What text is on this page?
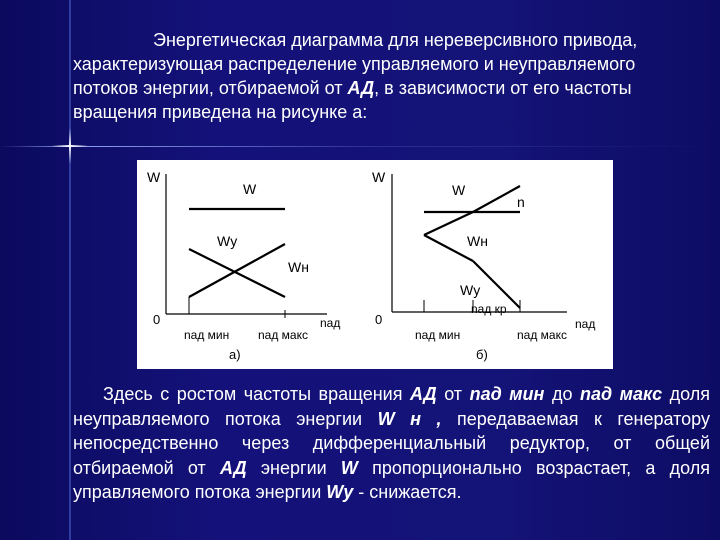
Энергетическая диаграмма для нереверсивного привода,
характеризующая распределение управляемого и неуправляемого
потоков энергии, отбираемой от АД, в зависимости от его частоты
вращения приведена на рисунке а:
W
W
Wу
Wн
0
nад мин nад макс
nад
а)
W
W
n
Wн
Wу
nад кр
0
nад мин	nад макс
nад
б)
Здесь с ростом частоты вращения АД от nад мин до nад макс доля
неуправляемого потока энергии W н , передаваемая к генератору
непосредственно через дифференциальный редуктор, от общей
отбираемой от АД энергии W пропорционально возрастает, а доля
управляемого потока энергии Wу - снижается.
